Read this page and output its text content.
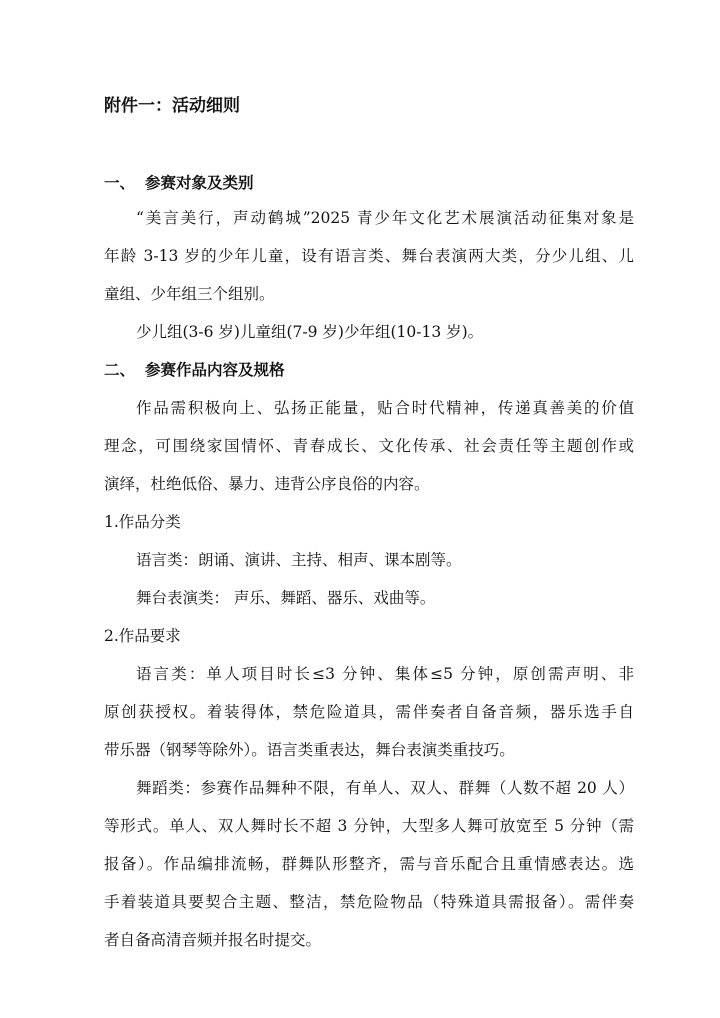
附件一：活动细则
一、 参赛对象及类别
“美言美行，声动鹤城”2025 青少年文化艺术展演活动征集对象是
年龄 3-13 岁的少年儿童，设有语言类、舞台表演两大类，分少儿组、儿
童组、少年组三个组别。
少儿组(3-6 岁)儿童组(7-9 岁)少年组(10-13 岁)。
二、 参赛作品内容及规格
作品需积极向上、弘扬正能量，贴合时代精神，传递真善美的价值
理念，可围绕家国情怀、青春成长、文化传承、社会责任等主题创作或
演绎，杜绝低俗、暴力、违背公序良俗的内容。
1.作品分类
语言类：朗诵、演讲、主持、相声、课本剧等。
舞台表演类： 声乐、舞蹈、器乐、戏曲等。
2.作品要求
语言类：单人项目时长≤3 分钟、集体≤5 分钟，原创需声明、非
原创获授权。着装得体，禁危险道具，需伴奏者自备音频，器乐选手自
带乐器（钢琴等除外）。语言类重表达，舞台表演类重技巧。
舞蹈类：参赛作品舞种不限，有单人、双人、群舞（人数不超 20 人）
等形式。单人、双人舞时长不超 3 分钟，大型多人舞可放宽至 5 分钟（需
报备）。作品编排流畅，群舞队形整齐，需与音乐配合且重情感表达。选
手着装道具要契合主题、整洁，禁危险物品（特殊道具需报备）。需伴奏
者自备高清音频并报名时提交。
